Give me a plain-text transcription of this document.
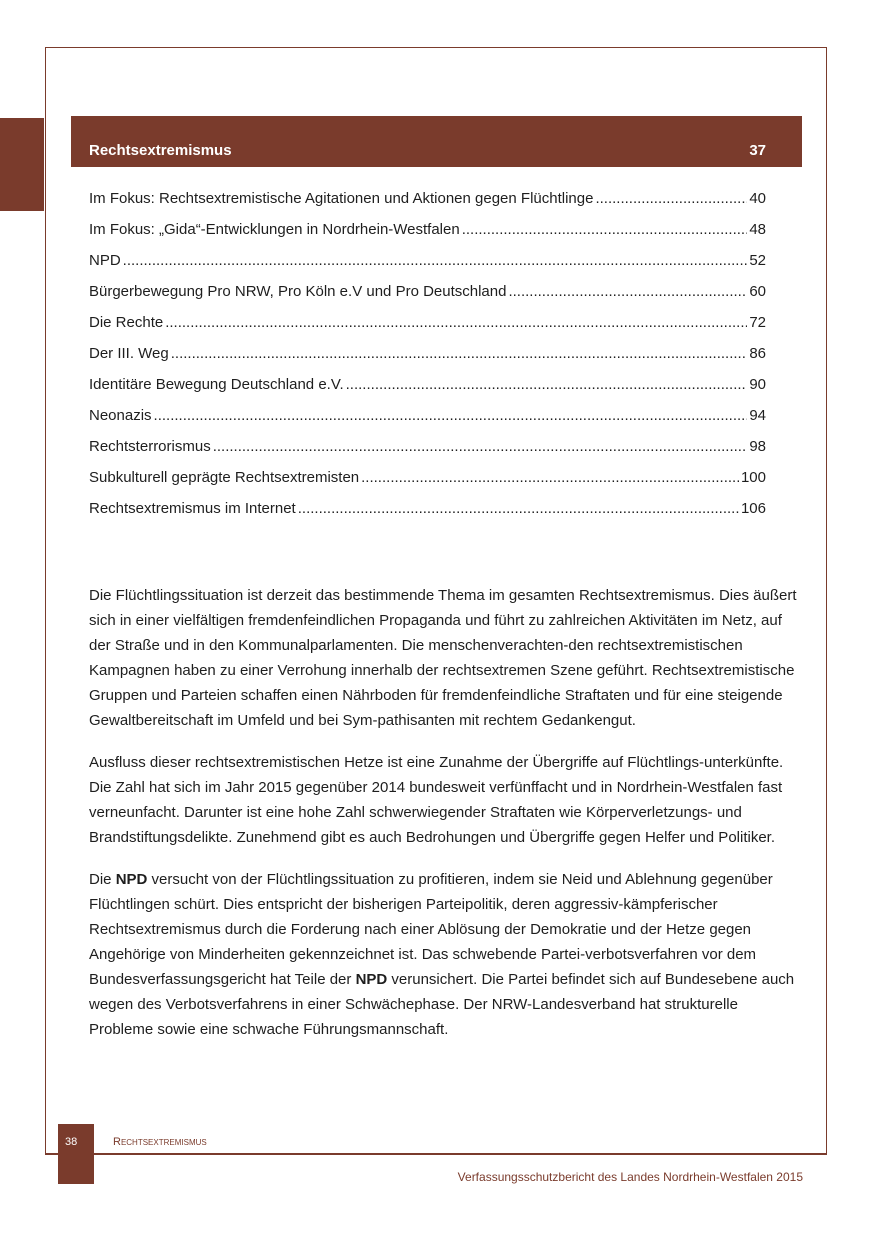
Rechtsextremismus	37
Im Fokus: Rechtsextremistische Agitationen und Aktionen gegen Flüchtlinge .....	40
Im Fokus: „Gida“-Entwicklungen in Nordrhein-Westfalen .....	48
NPD .....	52
Bürgerbewegung Pro NRW, Pro Köln e.V und Pro Deutschland .....	60
Die Rechte .....	72
Der III. Weg .....	86
Identitäre Bewegung Deutschland e.V. .....	90
Neonazis .....	94
Rechtsterrorismus .....	98
Subkulturell geprägte Rechtsextremisten .....	100
Rechtsextremismus im Internet .....	106

Die Flüchtlingssituation ist derzeit das bestimmende Thema im gesamten Rechtsextremismus. Dies äußert sich in einer vielfältigen fremdenfeindlichen Propaganda und führt zu zahlreichen Aktivitäten im Netz, auf der Straße und in den Kommunalparlamenten. Die menschenverachten-den rechtsextremistischen Kampagnen haben zu einer Verrohung innerhalb der rechtsextremen Szene geführt. Rechtsextremistische Gruppen und Parteien schaffen einen Nährboden für fremdenfeindliche Straftaten und für eine steigende Gewaltbereitschaft im Umfeld und bei Sym-pathisanten mit rechtem Gedankengut.

Ausfluss dieser rechtsextremistischen Hetze ist eine Zunahme der Übergriffe auf Flüchtlings-unterkünfte. Die Zahl hat sich im Jahr 2015 gegenüber 2014 bundesweit verfünffacht und in Nordrhein-Westfalen fast verneunfacht. Darunter ist eine hohe Zahl schwerwiegender Straftaten wie Körperverletzungs- und Brandstiftungsdelikte. Zunehmend gibt es auch Bedrohungen und Übergriffe gegen Helfer und Politiker.

Die NPD versucht von der Flüchtlingssituation zu profitieren, indem sie Neid und Ablehnung gegenüber Flüchtlingen schürt. Dies entspricht der bisherigen Parteipolitik, deren aggressiv-kämpferischer Rechtsextremismus durch die Forderung nach einer Ablösung der Demokratie und der Hetze gegen Angehörige von Minderheiten gekennzeichnet ist. Das schwebende Partei-verbotsverfahren vor dem Bundesverfassungsgericht hat Teile der NPD verunsichert. Die Partei befindet sich auf Bundesebene auch wegen des Verbotsverfahrens in einer Schwächephase. Der NRW-Landesverband hat strukturelle Probleme sowie eine schwache Führungsmannschaft.

38	Rechtsextremismus
Verfassungsschutzbericht des Landes Nordrhein-Westfalen 2015
